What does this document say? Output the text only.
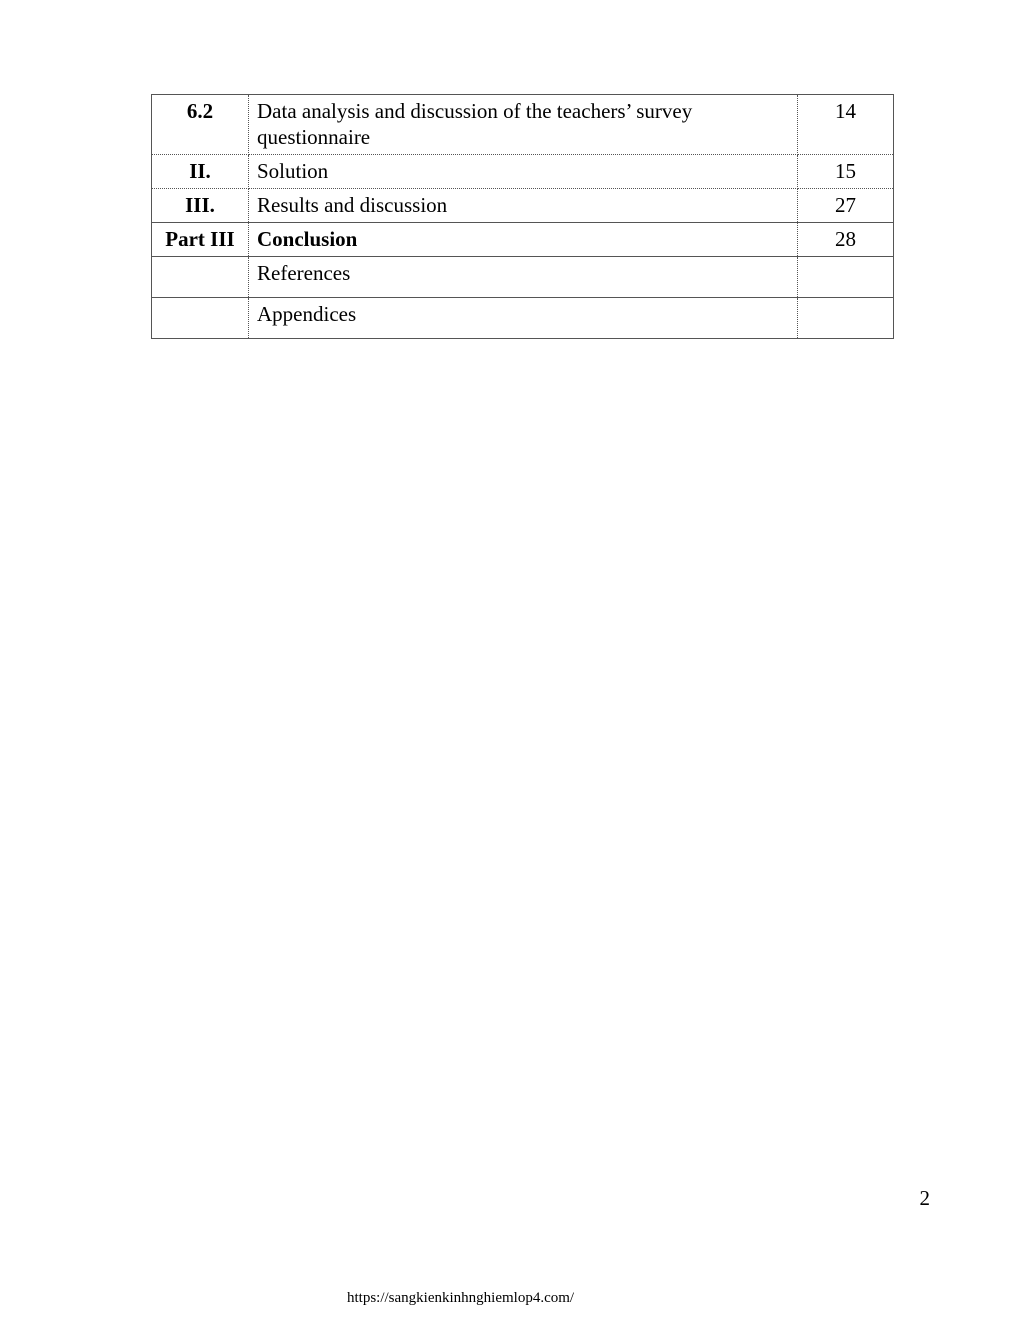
6.2	Data analysis and discussion of the teachers’ survey questionnaire	14
II.	Solution	15
III.	Results and discussion	27
Part III	Conclusion	28
	References	
	Appendices	
2
https://sangkienkinhnghiemlop4.com/
